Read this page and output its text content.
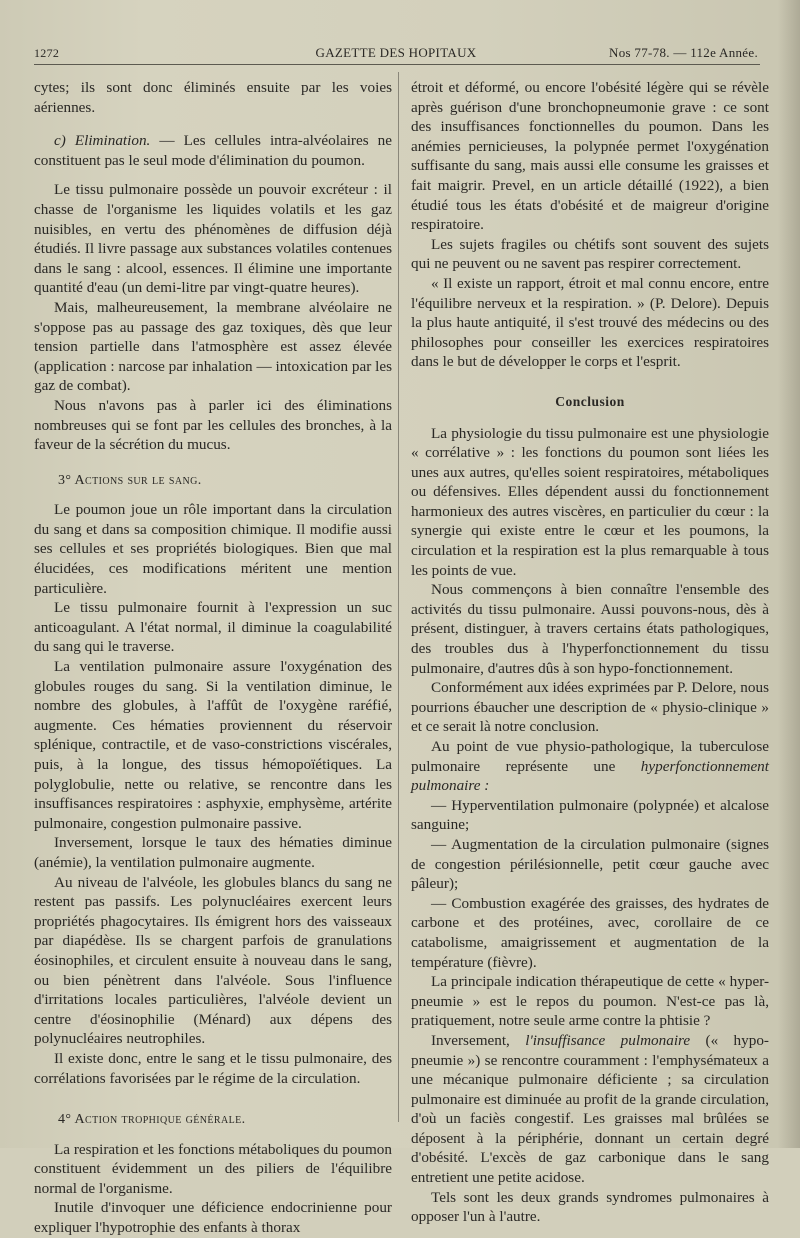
1272	GAZETTE DES HOPITAUX	Nos 77-78. — 112e Année.

cytes; ils sont donc éliminés ensuite par les voies aériennes.

c) Elimination. — Les cellules intra-alvéolaires ne constituent pas le seul mode d'élimination du poumon.

Le tissu pulmonaire possède un pouvoir excréteur : il chasse de l'organisme les liquides volatils et les gaz nuisibles, en vertu des phénomènes de diffusion déjà étudiés. Il livre passage aux substances volatiles contenues dans le sang : alcool, essences. Il élimine une importante quantité d'eau (un demi-litre par vingt-quatre heures).

Mais, malheureusement, la membrane alvéolaire ne s'oppose pas au passage des gaz toxiques, dès que leur tension partielle dans l'atmosphère est assez élevée (application : narcose par inhalation — intoxication par les gaz de combat).

Nous n'avons pas à parler ici des éliminations nombreuses qui se font par les cellules des bronches, à la faveur de la sécrétion du mucus.

3° Actions sur le sang.

Le poumon joue un rôle important dans la circulation du sang et dans sa composition chimique. Il modifie aussi ses cellules et ses propriétés biologiques. Bien que mal élucidées, ces modifications méritent une mention particulière.

Le tissu pulmonaire fournit à l'expression un suc anticoagulant. A l'état normal, il diminue la coagulabilité du sang qui le traverse.

La ventilation pulmonaire assure l'oxygénation des globules rouges du sang. Si la ventilation diminue, le nombre des globules, à l'affût de l'oxygène raréfié, augmente. Ces hématies proviennent du réservoir splénique, contractile, et de vaso-constrictions viscérales, puis, à la longue, des tissus hémopoïétiques. La polyglobulie, nette ou relative, se rencontre dans les insuffisances respiratoires : asphyxie, emphysème, artérite pulmonaire, congestion pulmonaire passive.

Inversement, lorsque le taux des hématies diminue (anémie), la ventilation pulmonaire augmente.

Au niveau de l'alvéole, les globules blancs du sang ne restent pas passifs. Les polynucléaires exercent leurs propriétés phagocytaires. Ils émigrent hors des vaisseaux par diapédèse. Ils se chargent parfois de granulations éosinophiles, et circulent ensuite à nouveau dans le sang, ou bien pénètrent dans l'alvéole. Sous l'influence d'irritations locales particulières, l'alvéole devient un centre d'éosinophilie (Ménard) aux dépens des polynucléaires neutrophiles.

Il existe donc, entre le sang et le tissu pulmonaire, des corrélations favorisées par le régime de la circulation.

4° Action trophique générale.

La respiration et les fonctions métaboliques du poumon constituent évidemment un des piliers de l'équilibre normal de l'organisme.

Inutile d'invoquer une déficience endocrinienne pour expliquer l'hypotrophie des enfants à thorax

étroit et déformé, ou encore l'obésité légère qui se révèle après guérison d'une bronchopneumonie grave : ce sont des insuffisances fonctionnelles du poumon. Dans les anémies pernicieuses, la polypnée permet l'oxygénation suffisante du sang, mais aussi elle consume les graisses et fait maigrir. Prevel, en un article détaillé (1922), a bien étudié tous les états d'obésité et de maigreur d'origine respiratoire.

Les sujets fragiles ou chétifs sont souvent des sujets qui ne peuvent ou ne savent pas respirer correctement.

« Il existe un rapport, étroit et mal connu encore, entre l'équilibre nerveux et la respiration. » (P. Delore). Depuis la plus haute antiquité, il s'est trouvé des médecins ou des philosophes pour conseiller les exercices respiratoires dans le but de développer le corps et l'esprit.

Conclusion

La physiologie du tissu pulmonaire est une physiologie « corrélative » : les fonctions du poumon sont liées les unes aux autres, qu'elles soient respiratoires, métaboliques ou défensives. Elles dépendent aussi du fonctionnement harmonieux des autres viscères, en particulier du cœur : la synergie qui existe entre le cœur et les poumons, la circulation et la respiration est la plus remarquable à tous les points de vue.

Nous commençons à bien connaître l'ensemble des activités du tissu pulmonaire. Aussi pouvons-nous, dès à présent, distinguer, à travers certains états pathologiques, des troubles dus à l'hyperfonctionnement du tissu pulmonaire, d'autres dûs à son hypo-fonctionnement.

Conformément aux idées exprimées par P. Delore, nous pourrions ébaucher une description de « physio-clinique » et ce serait là notre conclusion.

Au point de vue physio-pathologique, la tuberculose pulmonaire représente une hyperfonctionnement pulmonaire :

— Hyperventilation pulmonaire (polypnée) et alcalose sanguine;

— Augmentation de la circulation pulmonaire (signes de congestion périlésionnelle, petit cœur gauche avec pâleur);

— Combustion exagérée des graisses, des hydrates de carbone et des protéines, avec, corollaire de ce catabolisme, amaigrissement et augmentation de la température (fièvre).

La principale indication thérapeutique de cette « hyper-pneumie » est le repos du poumon. N'est-ce pas là, pratiquement, notre seule arme contre la phtisie ?

Inversement, l'insuffisance pulmonaire (« hypo-pneumie ») se rencontre couramment : l'emphysémateux a une mécanique pulmonaire déficiente ; sa circulation pulmonaire est diminuée au profit de la grande circulation, d'où un faciès congestif. Les graisses mal brûlées se déposent à la périphérie, donnant un certain degré d'obésité. L'excès de gaz carbonique dans le sang entretient une petite acidose.

Tels sont les deux grands syndromes pulmonaires à opposer l'un à l'autre.
